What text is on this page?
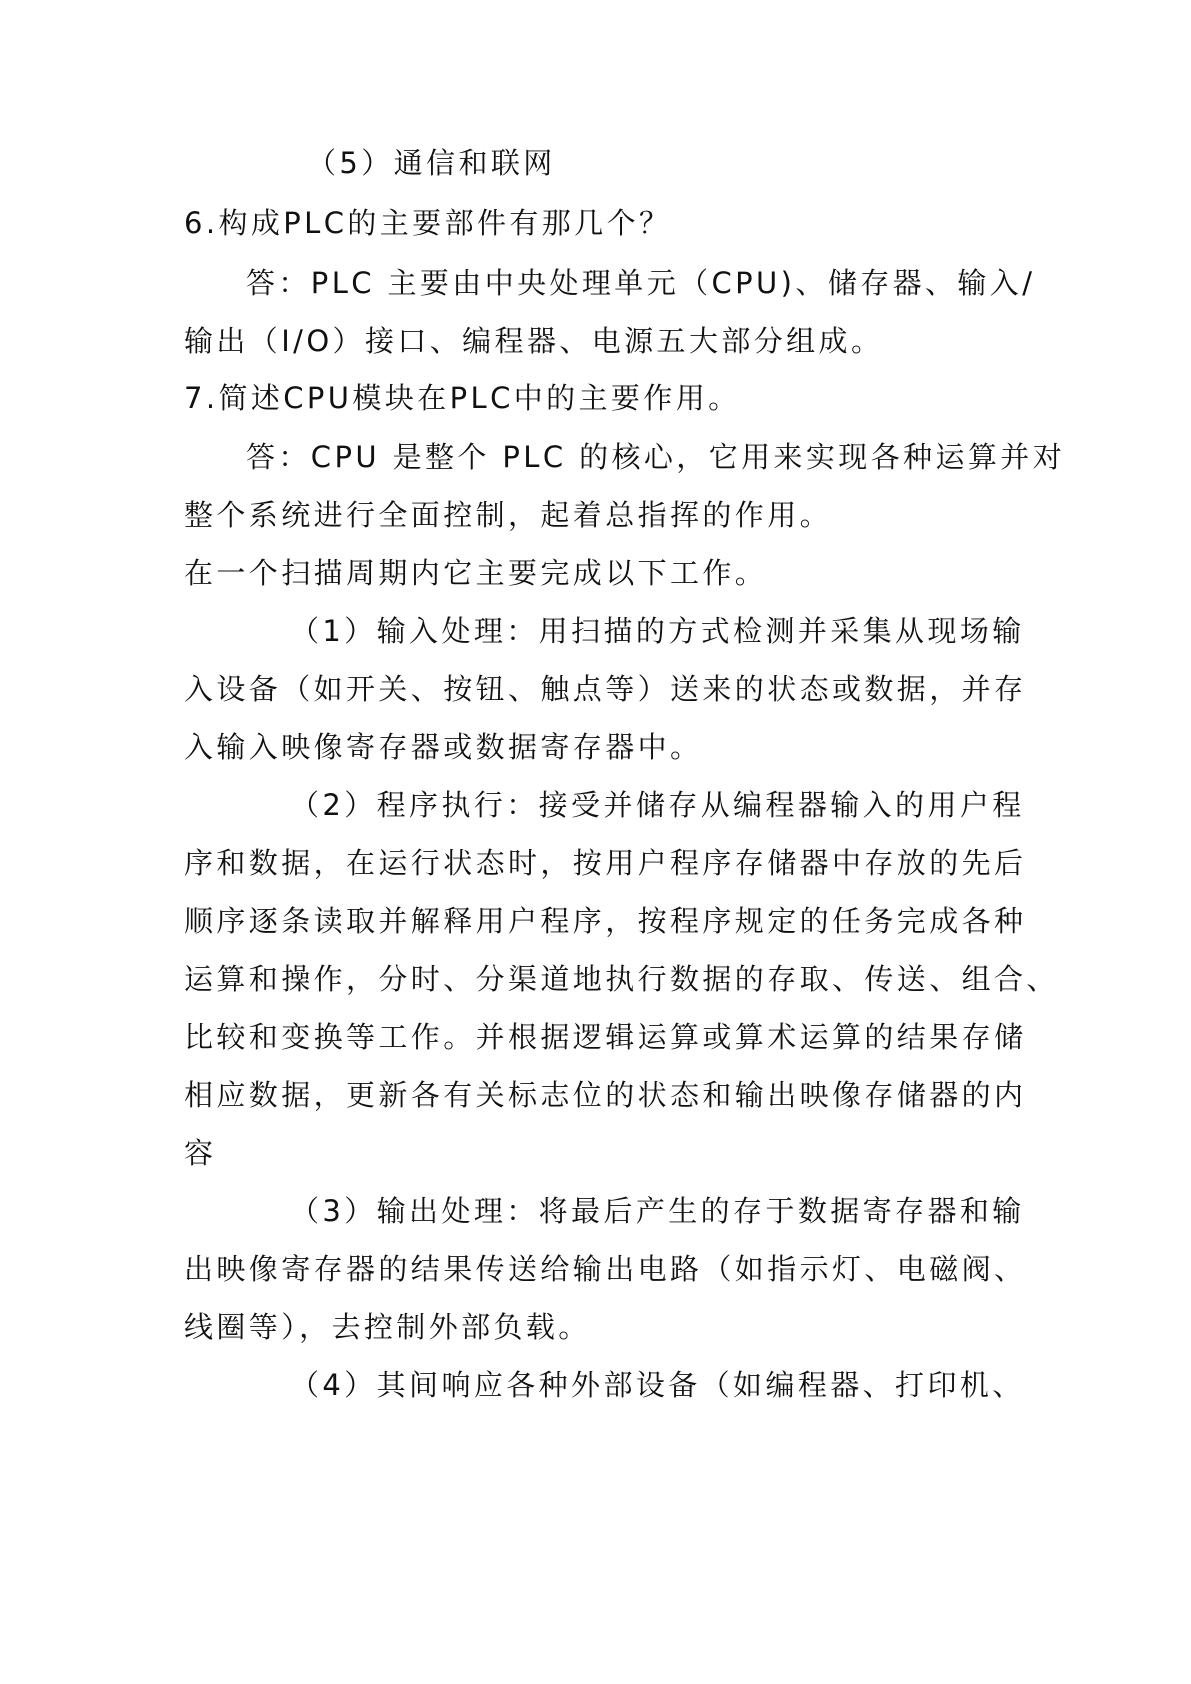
（5）通信和联网
6.构成PLC的主要部件有那几个？
答：PLC 主要由中央处理单元（CPU)、储存器、输入/
输出（I/O）接口、编程器、电源五大部分组成。
7.简述CPU模块在PLC中的主要作用。
答：CPU 是整个 PLC 的核心，它用来实现各种运算并对
整个系统进行全面控制，起着总指挥的作用。
在一个扫描周期内它主要完成以下工作。
（1）输入处理：用扫描的方式检测并采集从现场输
入设备（如开关、按钮、触点等）送来的状态或数据，并存
入输入映像寄存器或数据寄存器中。
（2）程序执行：接受并储存从编程器输入的用户程
序和数据，在运行状态时，按用户程序存储器中存放的先后
顺序逐条读取并解释用户程序，按程序规定的任务完成各种
运算和操作，分时、分渠道地执行数据的存取、传送、组合、
比较和变换等工作。并根据逻辑运算或算术运算的结果存储
相应数据，更新各有关标志位的状态和输出映像存储器的内
容
（3）输出处理：将最后产生的存于数据寄存器和输
出映像寄存器的结果传送给输出电路（如指示灯、电磁阀、
线圈等），去控制外部负载。
（4）其间响应各种外部设备（如编程器、打印机、
